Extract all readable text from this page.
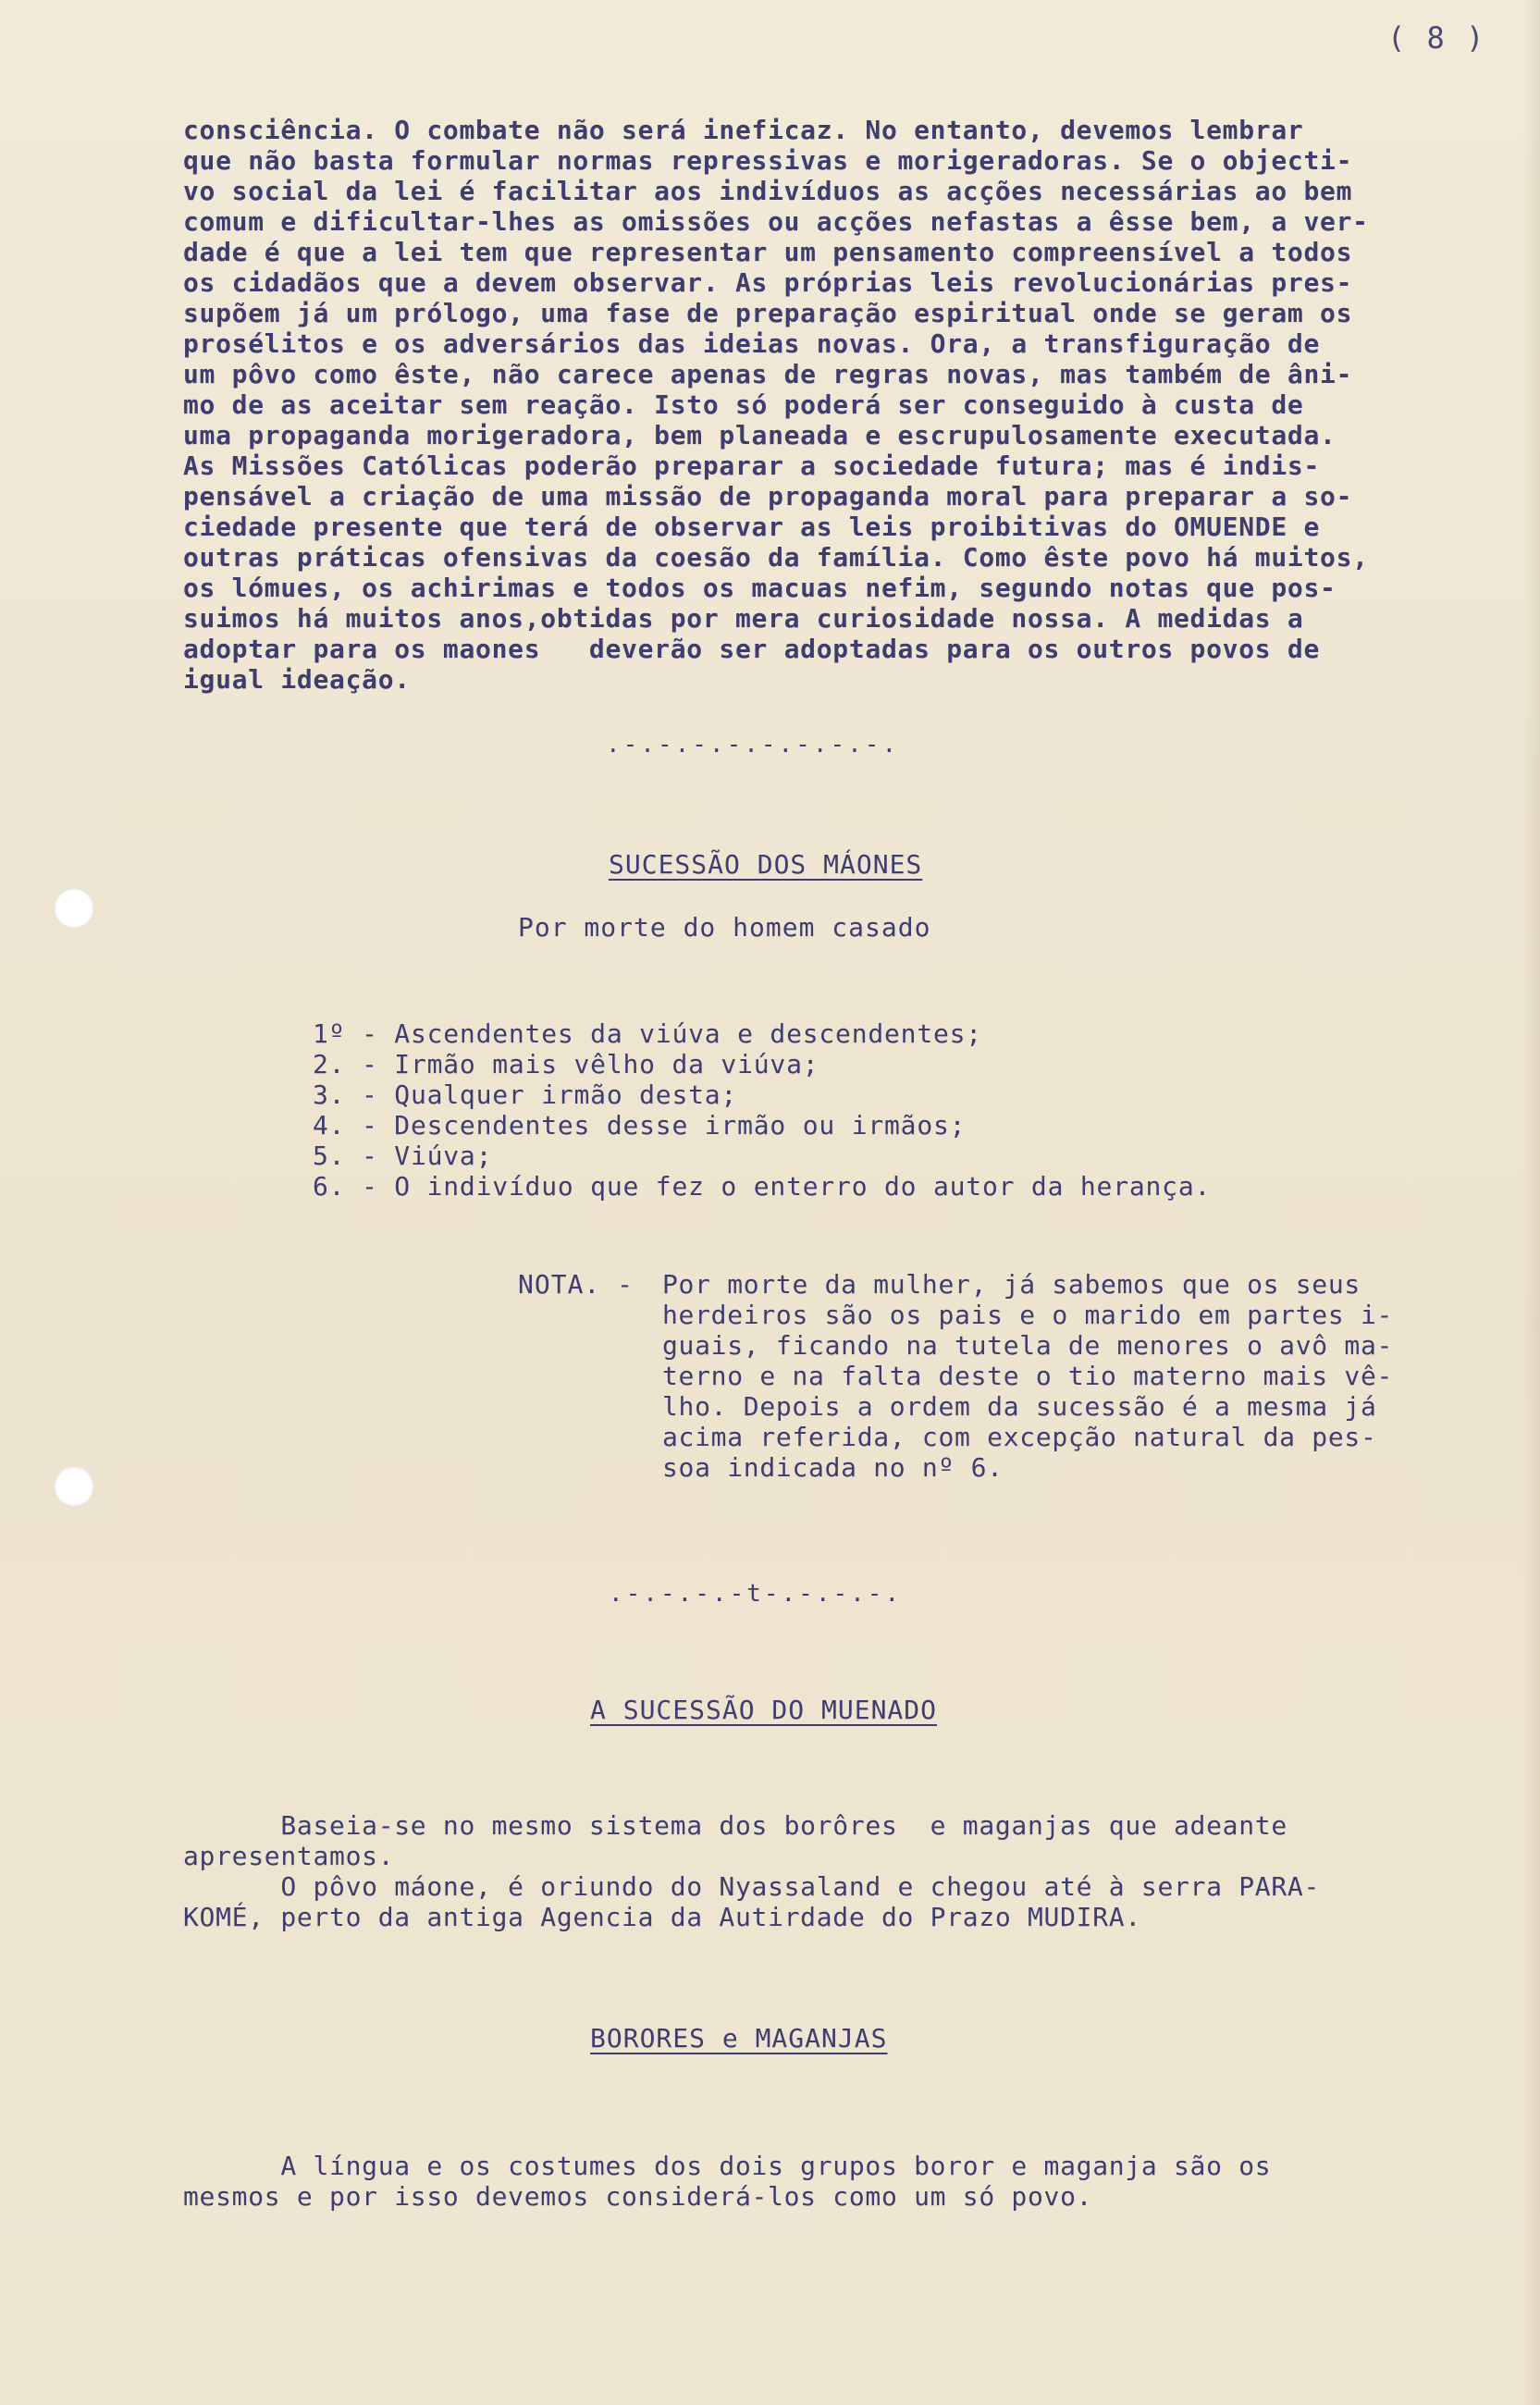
( 8 )
consciência. O combate não será ineficaz. No entanto, devemos lembrar
que não basta formular normas repressivas e morigeradoras. Se o objecti-
vo social da lei é facilitar aos indivíduos as acções necessárias ao bem
comum e dificultar-lhes as omissões ou acções nefastas a êsse bem, a ver-
dade é que a lei tem que representar um pensamento compreensível a todos
os cidadãos que a devem observar. As próprias leis revolucionárias pres-
supõem já um prólogo, uma fase de preparação espiritual onde se geram os
prosélitos e os adversários das ideias novas. Ora, a transfiguração de
um pôvo como êste, não carece apenas de regras novas, mas também de âni-
mo de as aceitar sem reação. Isto só poderá ser conseguido à custa de
uma propaganda morigeradora, bem planeada e escrupulosamente executada.
As Missões Católicas poderão preparar a sociedade futura; mas é indis-
pensável a criação de uma missão de propaganda moral para preparar a so-
ciedade presente que terá de observar as leis proibitivas do OMUENDE e
outras práticas ofensivas da coesão da família. Como êste povo há muitos,
os lómues, os achirimas e todos os macuas nefim, segundo notas que pos-
suimos há muitos anos,obtidas por mera curiosidade nossa. A medidas a
adoptar para os maones   deverão ser adoptadas para os outros povos de
igual ideação.
.-.-.-.-.-.-.-.-.
SUCESSÃO DOS MÁONES
Por morte do homem casado
1º - Ascendentes da viúva e descendentes;
2. - Irmão mais vêlho da viúva;
3. - Qualquer irmão desta;
4. - Descendentes desse irmão ou irmãos;
5. - Viúva;
6. - O indivíduo que fez o enterro do autor da herança.
NOTA. - Por morte da mulher, já sabemos que os seus
herdeiros são os pais e o marido em partes i-
guais, ficando na tutela de menores o avô ma-
terno e na falta deste o tio materno mais vê-
lho. Depois a ordem da sucessão é a mesma já
acima referida, com excepção natural da pes-
soa indicada no nº 6.
.-.-.-.-t-.-.-.-.
A SUCESSÃO DO MUENADO
Baseia-se no mesmo sistema dos borôres  e maganjas que adeante
apresentamos.
O pôvo máone, é oriundo do Nyassaland e chegou até à serra PARA-
KOMÉ, perto da antiga Agencia da Autirdade do Prazo MUDIRA.
BORORES e MAGANJAS
A língua e os costumes dos dois grupos boror e maganja são os
mesmos e por isso devemos considerá-los como um só povo.
